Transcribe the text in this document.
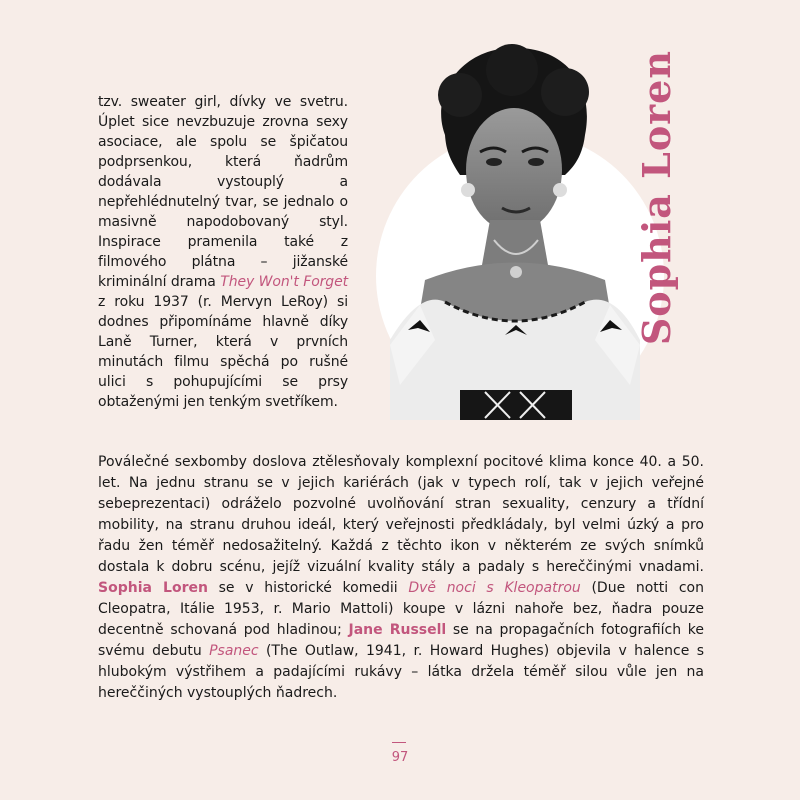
tzv. sweater girl, dívky ve svetru. Úplet sice nevzbuzuje zrovna sexy asociace, ale spolu se špičatou podprsenkou, která ňadrům dodávala vystouplý a nepřehlédnutelný tvar, se jednalo o masivně napodobovaný styl. Inspirace pramenila také z filmového plátna – jižanské kriminální drama They Won't Forget z roku 1937 (r. Mervyn LeRoy) si dodnes připomínáme hlavně díky Laně Turner, která v prvních minutách filmu spěchá po rušné ulici s pohupujícími se prsy obtaženými jen tenkým svetříkem.

Sophia Loren

Poválečné sexbomby doslova ztělesňovaly komplexní pocitové klima konce 40. a 50. let. Na jednu stranu se v jejich kariérách (jak v typech rolí, tak v jejich veřejné sebeprezentaci) odráželo pozvolné uvolňování stran sexuality, cenzury a třídní mobility, na stranu druhou ideál, který veřejnosti předkládaly, byl velmi úzký a pro řadu žen téměř nedosažitelný. Každá z těchto ikon v některém ze svých snímků dostala k dobru scénu, jejíž vizuální kvality stály a padaly s hereččinými vnadami. Sophia Loren se v historické komedii Dvě noci s Kleopatrou (Due notti con Cleopatra, Itálie 1953, r. Mario Mattoli) koupe v lázni nahoře bez, ňadra pouze decentně schovaná pod hladinou; Jane Russell se na propagačních fotografiích ke svému debutu Psanec (The Outlaw, 1941, r. Howard Hughes) objevila v halence s hlubokým výstřihem a padajícími rukávy – látka držela téměř silou vůle jen na hereččiných vystouplých ňadrech.

97
